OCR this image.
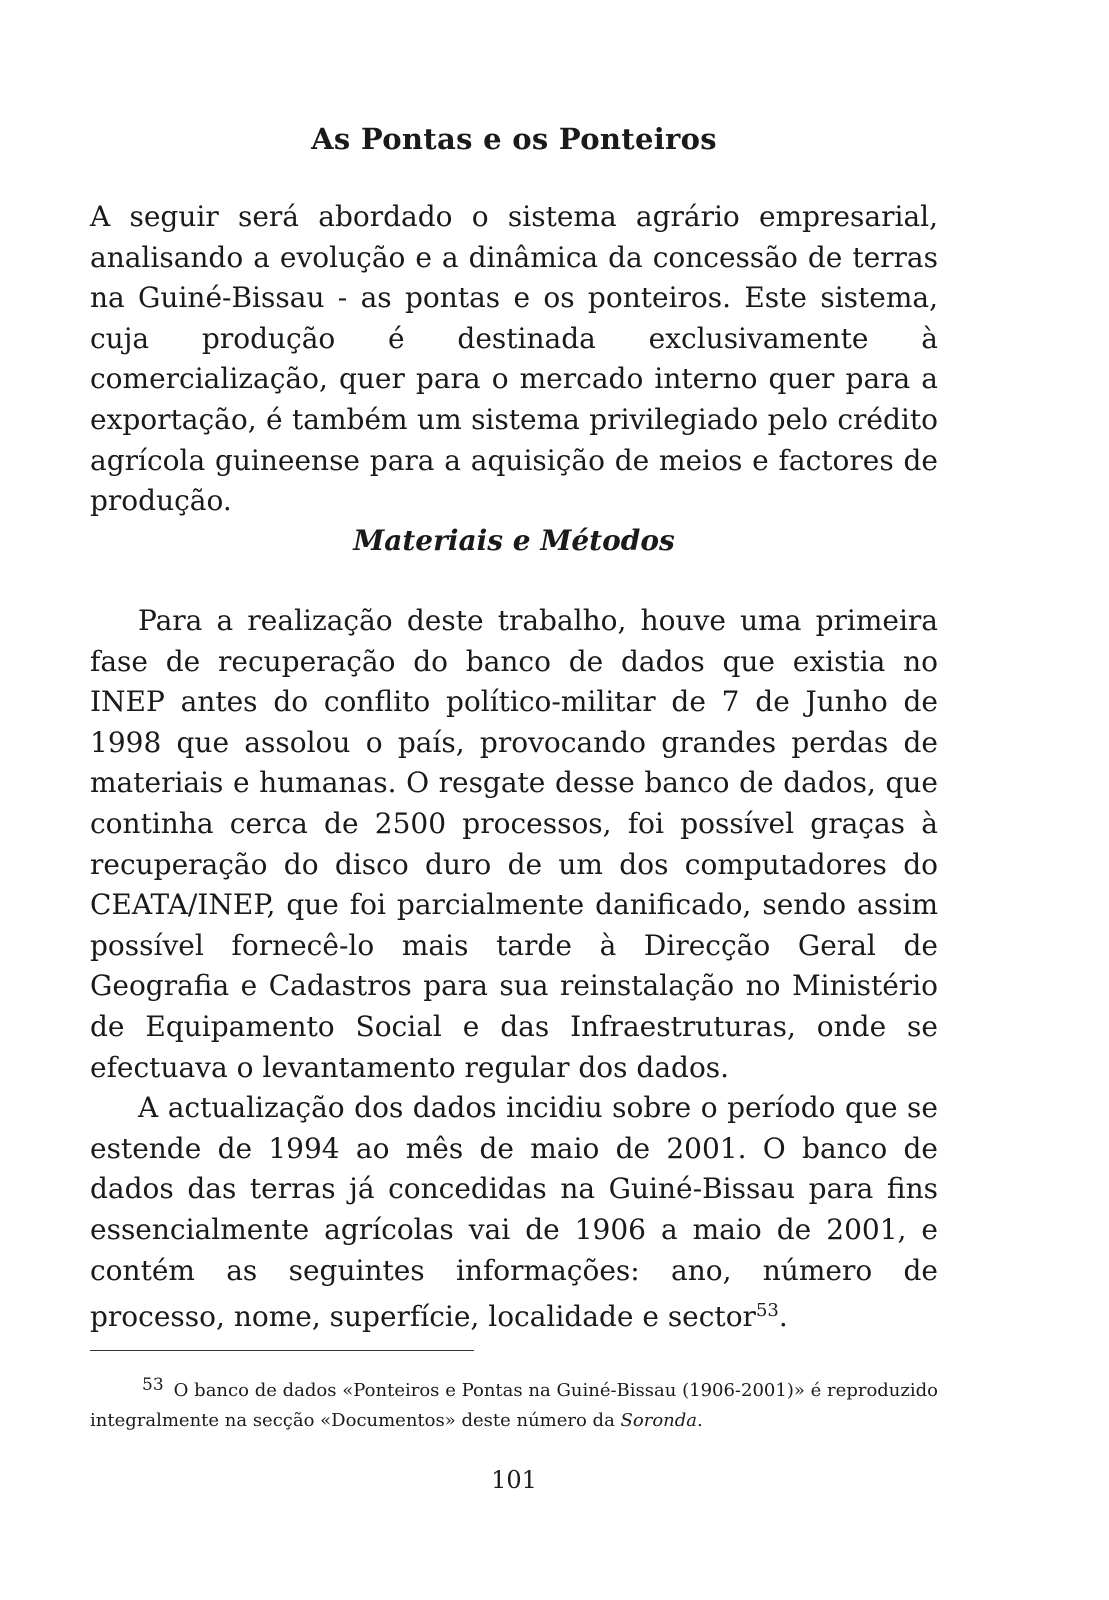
As Pontas e os Ponteiros

A seguir será abordado o sistema agrário empresarial, analisando a evolução e a dinâmica da concessão de terras na Guiné-Bissau - as pontas e os ponteiros. Este sistema, cuja produção é destinada exclusivamente à comercialização, quer para o mercado interno quer para a exportação, é também um sistema privilegiado pelo crédito agrícola guineense para a aquisição de meios e factores de produção.

Materiais e Métodos

Para a realização deste trabalho, houve uma primeira fase de recuperação do banco de dados que existia no INEP antes do conflito político-militar de 7 de Junho de 1998 que assolou o país, provocando grandes perdas de materiais e humanas. O resgate desse banco de dados, que continha cerca de 2500 processos, foi possível graças à recuperação do disco duro de um dos computadores do CEATA/INEP, que foi parcialmente danificado, sendo assim possível fornecê-lo mais tarde à Direcção Geral de Geografia e Cadastros para sua reinstalação no Ministério de Equipamento Social e das Infraestruturas, onde se efectuava o levantamento regular dos dados.

A actualização dos dados incidiu sobre o período que se estende de 1994 ao mês de maio de 2001. O banco de dados das terras já concedidas na Guiné-Bissau para fins essencialmente agrícolas vai de 1906 a maio de 2001, e contém as seguintes informações: ano, número de processo, nome, superfície, localidade e sector$^{53}$.

53 O banco de dados «Ponteiros e Pontas na Guiné-Bissau (1906-2001)» é reproduzido integralmente na secção «Documentos» deste número da Soronda.

101
